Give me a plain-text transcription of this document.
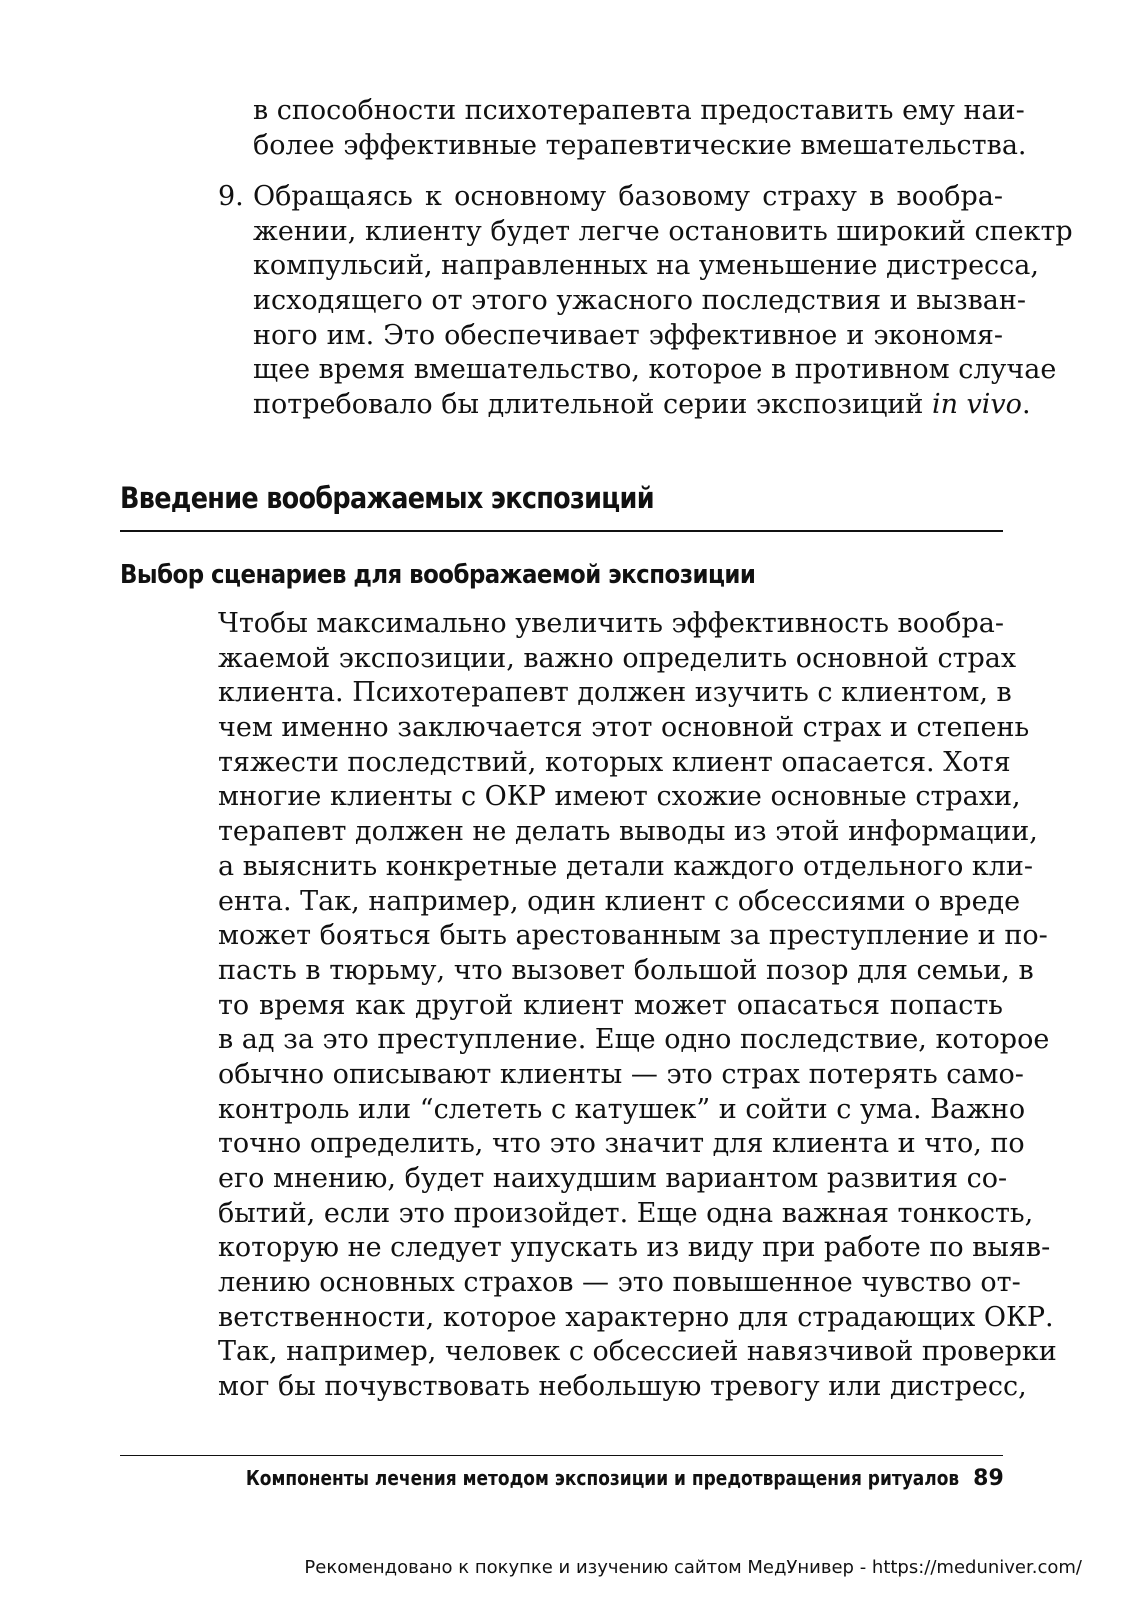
в способности психотерапевта предоставить ему наи-
более эффективные терапевтические вмешательства.
9. Обращаясь к основному базовому страху в вообра-
жении, клиенту будет легче остановить широкий спектр
компульсий, направленных на уменьшение дистресса,
исходящего от этого ужасного последствия и вызван-
ного им. Это обеспечивает эффективное и экономя-
щее время вмешательство, которое в противном случае
потребовало бы длительной серии экспозиций in vivo.
Введение воображаемых экспозиций
Выбор сценариев для воображаемой экспозиции
Чтобы максимально увеличить эффективность вообра-
жаемой экспозиции, важно определить основной страх
клиента. Психотерапевт должен изучить с клиентом, в
чем именно заключается этот основной страх и степень
тяжести последствий, которых клиент опасается. Хотя
многие клиенты с ОКР имеют схожие основные страхи,
терапевт должен не делать выводы из этой информации,
а выяснить конкретные детали каждого отдельного кли-
ента. Так, например, один клиент с обсессиями о вреде
может бояться быть арестованным за преступление и по-
пасть в тюрьму, что вызовет большой позор для семьи, в
то время как другой клиент может опасаться попасть
в ад за это преступление. Еще одно последствие, которое
обычно описывают клиенты — это страх потерять само-
контроль или “слететь с катушек” и сойти с ума. Важно
точно определить, что это значит для клиента и что, по
его мнению, будет наихудшим вариантом развития со-
бытий, если это произойдет. Еще одна важная тонкость,
которую не следует упускать из виду при работе по выяв-
лению основных страхов — это повышенное чувство от-
ветственности, которое характерно для страдающих ОКР.
Так, например, человек с обсессией навязчивой проверки
мог бы почувствовать небольшую тревогу или дистресс,
Компоненты лечения методом экспозиции и предотвращения ритуалов 89
Рекомендовано к покупке и изучению сайтом МедУнивер - https://meduniver.com/
